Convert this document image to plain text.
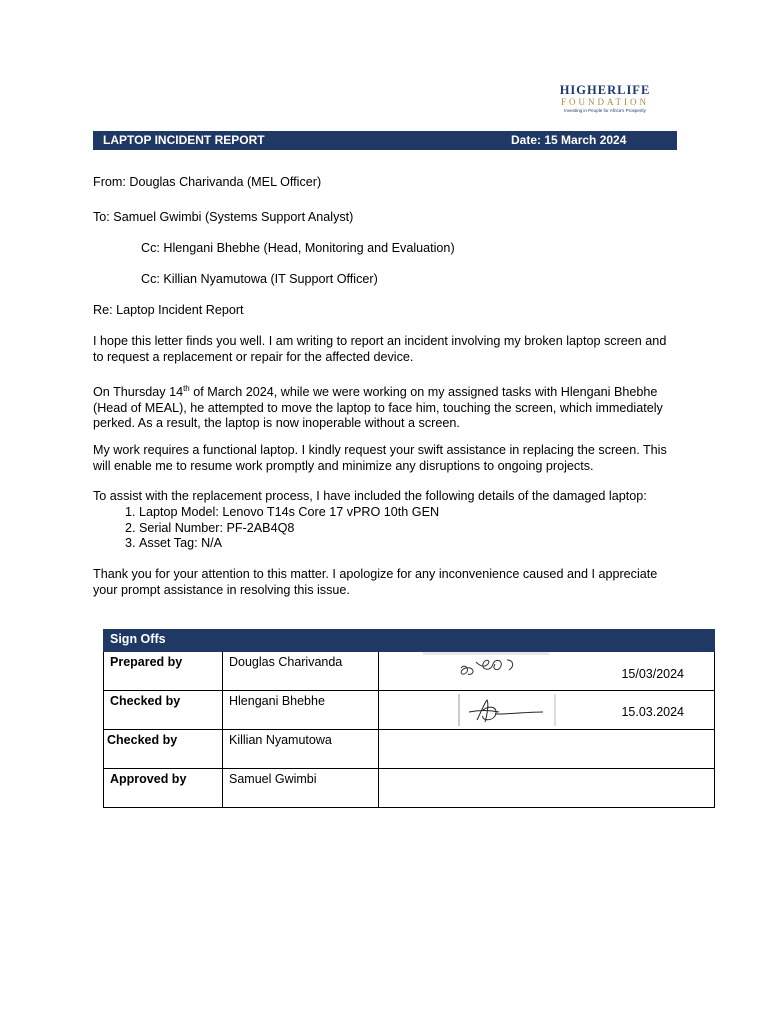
HIGHERLIFE
FOUNDATION
Investing in People for Africa's Prosperity
LAPTOP INCIDENT REPORT	Date: 15 March 2024
From: Douglas Charivanda (MEL Officer)
To: Samuel Gwimbi (Systems Support Analyst)
Cc: Hlengani Bhebhe (Head, Monitoring and Evaluation)
Cc: Killian Nyamutowa (IT Support Officer)
Re: Laptop Incident Report
I hope this letter finds you well. I am writing to report an incident involving my broken laptop screen and to request a replacement or repair for the affected device.
On Thursday 14th of March 2024, while we were working on my assigned tasks with Hlengani Bhebhe (Head of MEAL), he attempted to move the laptop to face him, touching the screen, which immediately perked. As a result, the laptop is now inoperable without a screen.
My work requires a functional laptop. I kindly request your swift assistance in replacing the screen. This will enable me to resume work promptly and minimize any disruptions to ongoing projects.
To assist with the replacement process, I have included the following details of the damaged laptop:
1. Laptop Model: Lenovo T14s Core 17 vPRO 10th GEN
2. Serial Number: PF-2AB4Q8
3. Asset Tag: N/A
Thank you for your attention to this matter. I apologize for any inconvenience caused and I appreciate your prompt assistance in resolving this issue.
Sign Offs		
Prepared by	Douglas Charivanda	15/03/2024

Checked by	Hlengani Bhebhe	15.03.2024

Checked by	Killian Nyamutowa	
Approved by	Samuel Gwimbi	
